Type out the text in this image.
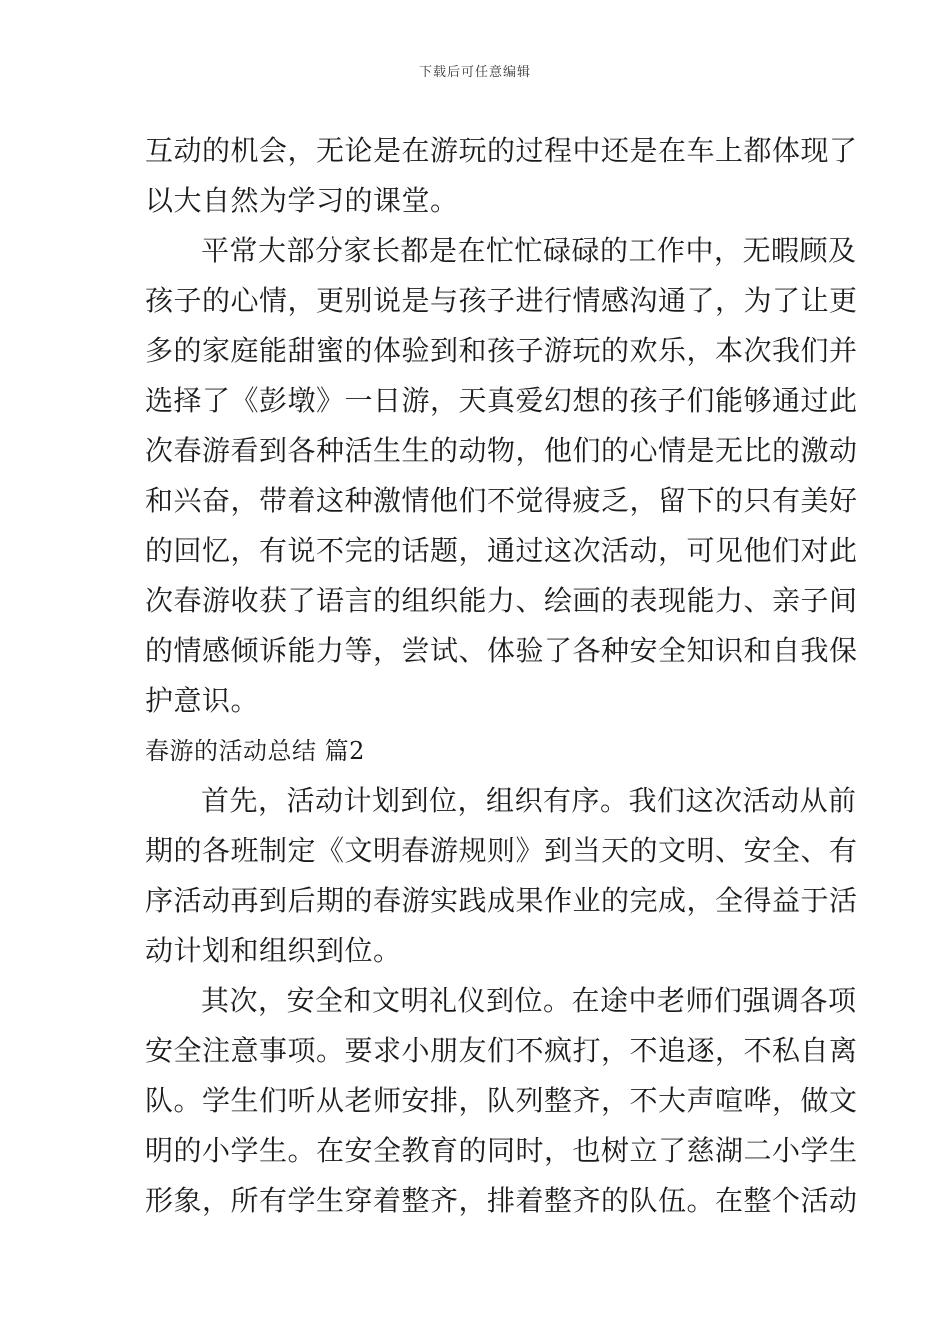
下载后可任意编辑
互动的机会，无论是在游玩的过程中还是在车上都体现了
以大自然为学习的课堂。
平常大部分家长都是在忙忙碌碌的工作中，无暇顾及
孩子的心情，更别说是与孩子进行情感沟通了，为了让更
多的家庭能甜蜜的体验到和孩子游玩的欢乐，本次我们并
选择了《彭墩》一日游，天真爱幻想的孩子们能够通过此
次春游看到各种活生生的动物，他们的心情是无比的激动
和兴奋，带着这种激情他们不觉得疲乏，留下的只有美好
的回忆，有说不完的话题，通过这次活动，可见他们对此
次春游收获了语言的组织能力、绘画的表现能力、亲子间
的情感倾诉能力等，尝试、体验了各种安全知识和自我保
护意识。
春游的活动总结 篇2
首先，活动计划到位，组织有序。我们这次活动从前
期的各班制定《文明春游规则》到当天的文明、安全、有
序活动再到后期的春游实践成果作业的完成，全得益于活
动计划和组织到位。
其次，安全和文明礼仪到位。在途中老师们强调各项
安全注意事项。要求小朋友们不疯打，不追逐，不私自离
队。学生们听从老师安排，队列整齐，不大声喧哗，做文
明的小学生。在安全教育的同时，也树立了慈湖二小学生
形象，所有学生穿着整齐，排着整齐的队伍。在整个活动
